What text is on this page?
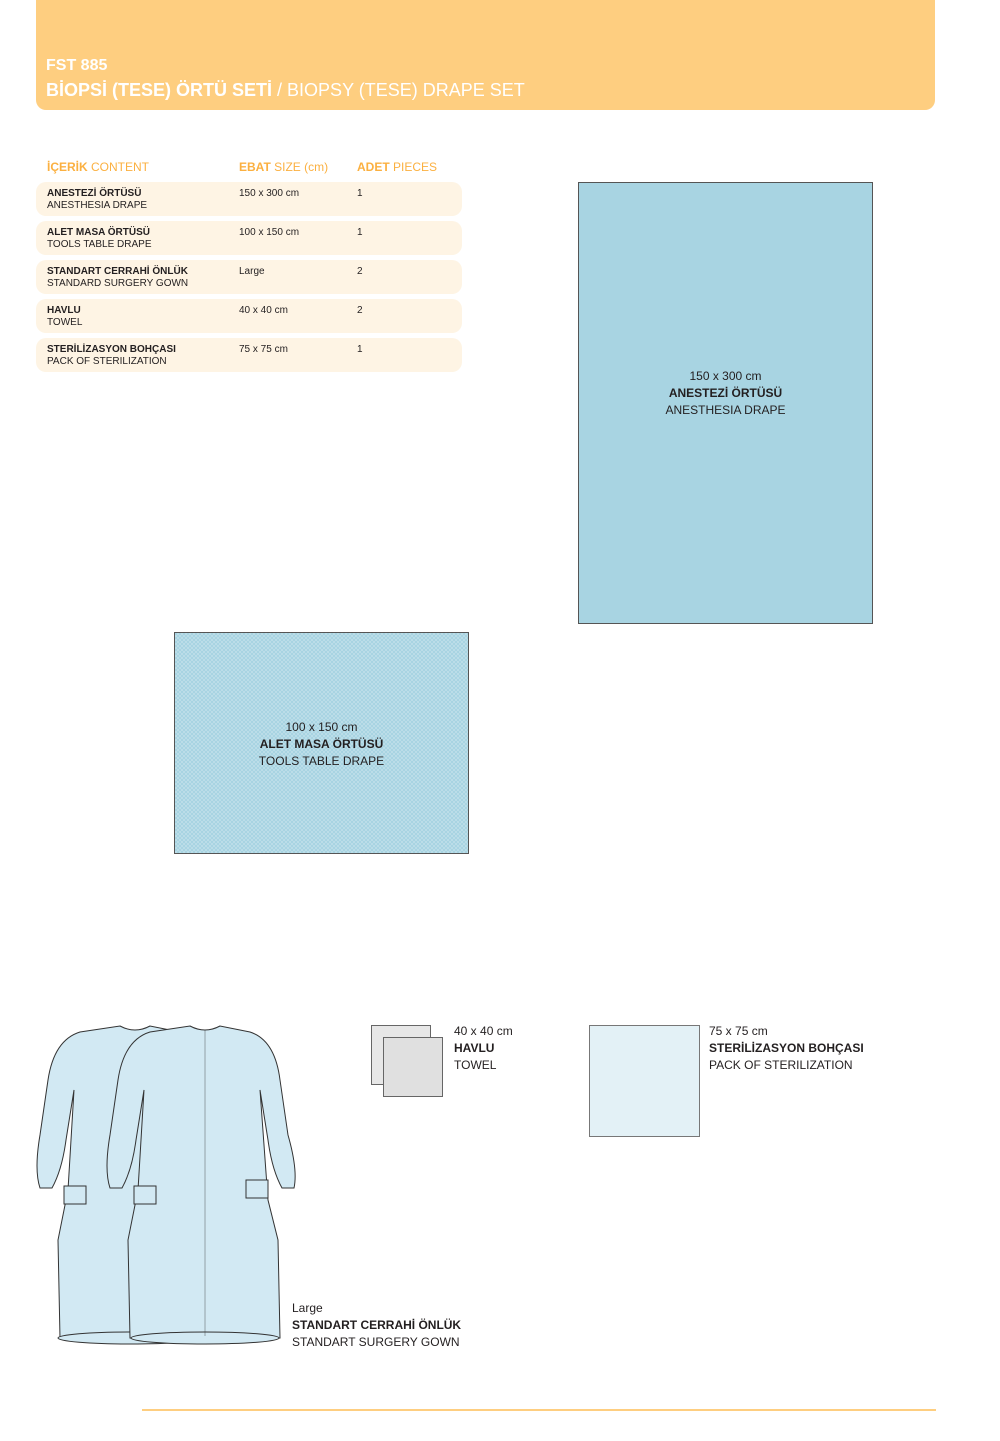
FST 885
BİOPSİ (TESE) ÖRTÜ SETİ / BIOPSY (TESE) DRAPE SET
İÇERİK CONTENT	EBAT SIZE (cm) ADET PIECES
ANESTEZİ ÖRTÜSÜ
ANESTHESIA DRAPE
150 x 300 cm	1
ALET MASA ÖRTÜSÜ
TOOLS TABLE DRAPE
100 x 150 cm	1
STANDART CERRAHİ ÖNLÜK
STANDARD SURGERY GOWN
Large	2
HAVLU
TOWEL
40 x 40 cm	2
STERİLİZASYON BOHÇASI
PACK OF STERILIZATION
75 x 75 cm	1
150 x 300 cm
ANESTEZİ ÖRTÜSÜ
ANESTHESIA DRAPE
100 x 150 cm
ALET MASA ÖRTÜSÜ
TOOLS TABLE DRAPE
Large
STANDART CERRAHİ ÖNLÜK
STANDART SURGERY GOWN
40 x 40 cm
HAVLU
TOWEL
75 x 75 cm
STERİLİZASYON BOHÇASI
PACK OF STERILIZATION
